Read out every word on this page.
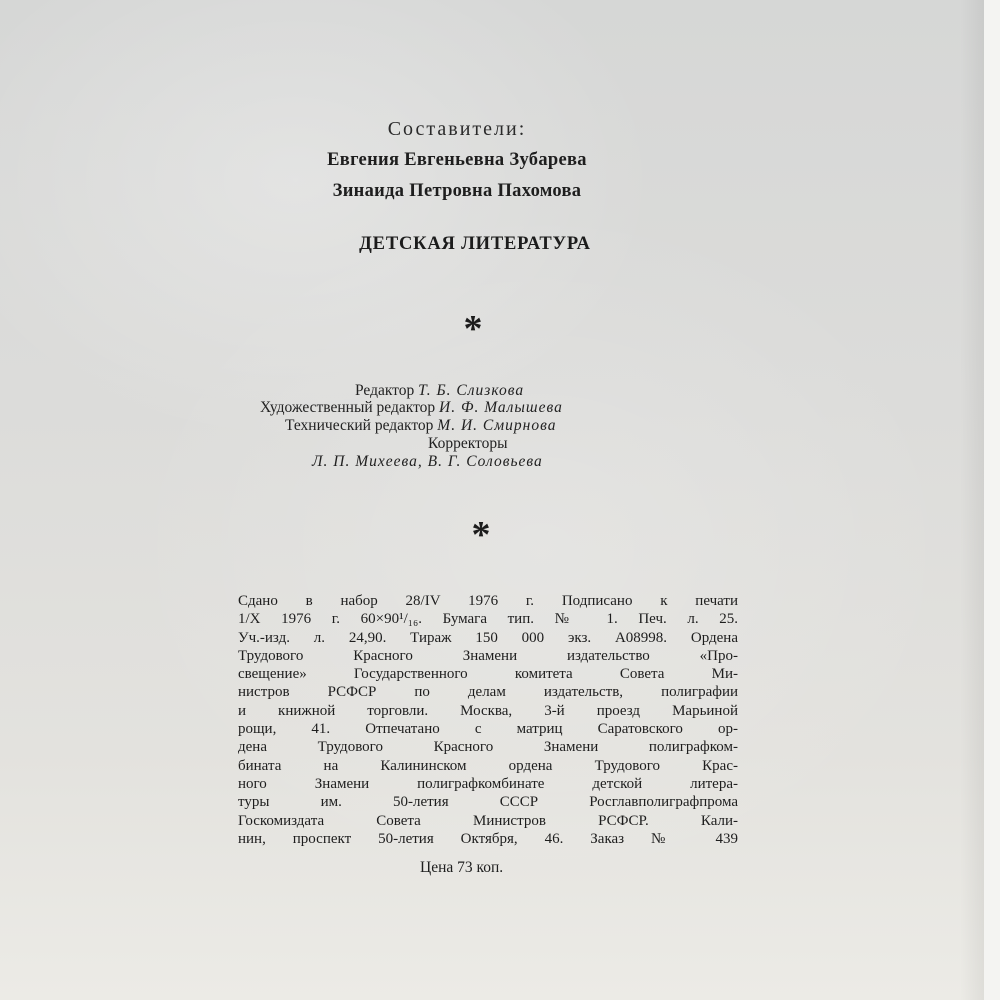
Составители:
Евгения Евгеньевна Зубарева
Зинаида Петровна Пахомова
ДЕТСКАЯ ЛИТЕРАТУРА
*
Редактор Т. Б. Слизкова
Художественный редактор И. Ф. Малышева
Технический редактор М. И. Смирнова
Корректоры
Л. П. Михеева, В. Г. Соловьева
*
Сдано в набор 28/IV 1976 г. Подписано к печати
1/X 1976 г. 60×90¹/₁₆. Бумага тип. № 1. Печ. л. 25.
Уч.-изд. л. 24,90. Тираж 150 000 экз. А08998. Ордена
Трудового Красного Знамени издательство «Про-
свещение» Государственного комитета Совета Ми-
нистров РСФСР по делам издательств, полиграфии
и книжной торговли. Москва, 3-й проезд Марьиной
рощи, 41. Отпечатано с матриц Саратовского ор-
дена Трудового Красного Знамени полиграфком-
бината на Калининском ордена Трудового Крас-
ного Знамени полиграфкомбинате детской литера-
туры им. 50-летия СССР Росглавполиграфпрома
Госкомиздата Совета Министров РСФСР. Кали-
нин, проспект 50-летия Октября, 46. Заказ № 439
Цена 73 коп.
